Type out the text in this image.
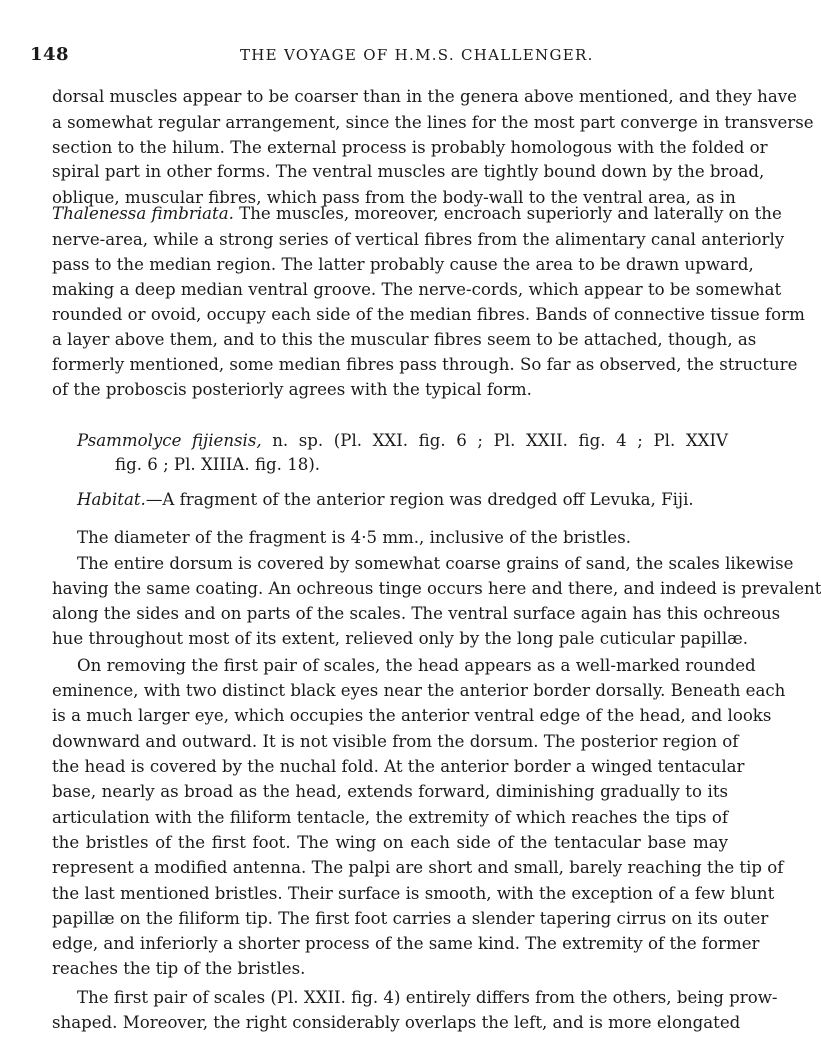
148	THE VOYAGE OF H.M.S. CHALLENGER.
dorsal muscles appear to be coarser than in the genera above mentioned, and they have
a somewhat regular arrangement, since the lines for the most part converge in transverse
section to the hilum. The external process is probably homologous with the folded or
spiral part in other forms. The ventral muscles are tightly bound down by the broad,
oblique, muscular fibres, which pass from the body-wall to the ventral area, as in
Thalenessa fimbriata. The muscles, moreover, encroach superiorly and laterally on the
nerve-area, while a strong series of vertical fibres from the alimentary canal anteriorly
pass to the median region. The latter probably cause the area to be drawn upward,
making a deep median ventral groove. The nerve-cords, which appear to be somewhat
rounded or ovoid, occupy each side of the median fibres. Bands of connective tissue form
a layer above them, and to this the muscular fibres seem to be attached, though, as
formerly mentioned, some median fibres pass through. So far as observed, the structure
of the proboscis posteriorly agrees with the typical form.
Psammolyce fijiensis, n. sp. (Pl. XXI. fig. 6 ; Pl. XXII. fig. 4 ; Pl. XXIV
fig. 6 ; Pl. XIIIA. fig. 18).
Habitat.—A fragment of the anterior region was dredged off Levuka, Fiji.
The diameter of the fragment is 4·5 mm., inclusive of the bristles.
The entire dorsum is covered by somewhat coarse grains of sand, the scales likewise
having the same coating. An ochreous tinge occurs here and there, and indeed is prevalent
along the sides and on parts of the scales. The ventral surface again has this ochreous
hue throughout most of its extent, relieved only by the long pale cuticular papillæ.
On removing the first pair of scales, the head appears as a well-marked rounded
eminence, with two distinct black eyes near the anterior border dorsally. Beneath each
is a much larger eye, which occupies the anterior ventral edge of the head, and looks
downward and outward. It is not visible from the dorsum. The posterior region of
the head is covered by the nuchal fold. At the anterior border a winged tentacular
base, nearly as broad as the head, extends forward, diminishing gradually to its
articulation with the filiform tentacle, the extremity of which reaches the tips of
the bristles of the first foot. The wing on each side of the tentacular base may
represent a modified antenna. The palpi are short and small, barely reaching the tip of
the last mentioned bristles. Their surface is smooth, with the exception of a few blunt
papillæ on the filiform tip. The first foot carries a slender tapering cirrus on its outer
edge, and inferiorly a shorter process of the same kind. The extremity of the former
reaches the tip of the bristles.
The first pair of scales (Pl. XXII. fig. 4) entirely differs from the others, being prow-
shaped. Moreover, the right considerably overlaps the left, and is more elongated
